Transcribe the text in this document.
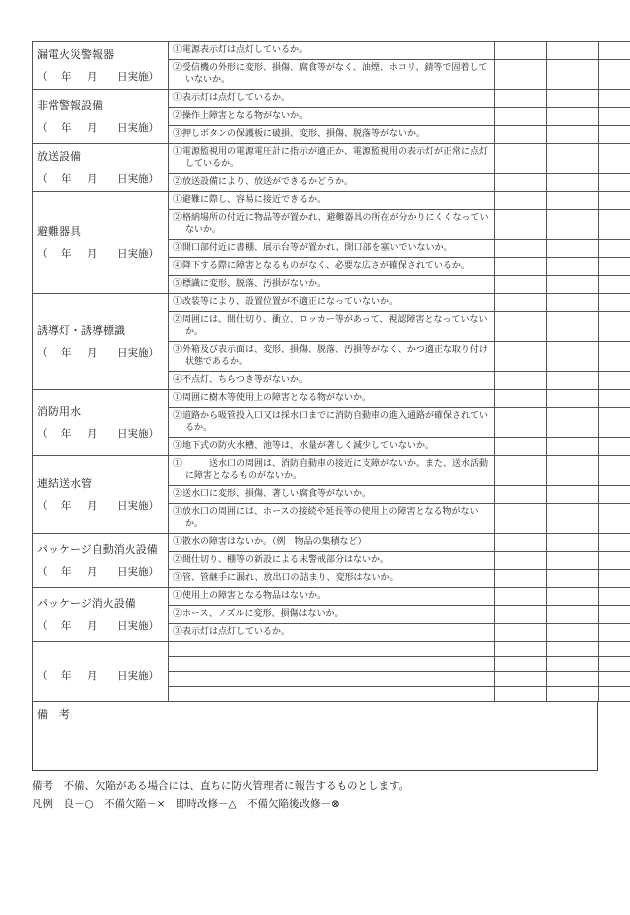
漏電火災警報器
（ 年 月 日実施）	①電源表示灯は点灯しているか。			

	②受信機の外形に変形、損傷、腐食等がなく、油煙、ホコリ、錆等で固着していないか。			

非常警報設備
（ 年 月 日実施）	①表示灯は点灯しているか。			

	②操作上障害となる物がないか。			

	③押しボタンの保護板に破損、変形、損傷、脱落等がないか。			

放送設備
（ 年 月 日実施）	①電源監視用の電源電圧計に指示が適正か、電源監視用の表示灯が正常に点灯しているか。			

	②放送設備により、放送ができるかどうか。			

避難器具
（ 年 月 日実施）	①避難に際し、容易に接近できるか。			

	②格納場所の付近に物品等が置かれ、避難器具の所在が分かりにくくなっていないか。			

	③開口部付近に書棚、展示台等が置かれ、開口部を塞いでいないか。			

	④降下する際に障害となるものがなく、必要な広さが確保されているか。			

	⑤標識に変形、脱落、汚損がないか。			

誘導灯・誘導標識
（ 年 月 日実施）	①改装等により、設置位置が不適正になっていないか。			

	②周囲には、間仕切り、衝立、ロッカー等があって、視認障害となっていないか。			

	③外箱及び表示面は、変形、損傷、脱落、汚損等がなく、かつ適正な取り付け状態であるか。			

	④不点灯、ちらつき等がないか。			

消防用水
（ 年 月 日実施）	①周囲に樹木等使用上の障害となる物がないか。			

	②道路から吸管投入口又は採水口までに消防自動車の進入通路が確保されているか。			

	③地下式の防火水槽、池等は、水量が著しく減少していないか。			

連結送水管
（ 年 月 日実施）	①　　　送水口の周囲は、消防自動車の接近に支障がないか。また、送水活動に障害となるものがないか。			

	②送水口に変形、損傷、著しい腐食等がないか。			

	③放水口の周囲には、ホースの接続や延長等の使用上の障害となる物がないか。			

パッケージ自動消火設備
（ 年 月 日実施）	①散水の障害はないか。（例　物品の集積など）			

	②間仕切り、棚等の新設による未警戒部分はないか。			

	③管、管継手に漏れ、放出口の詰まり、変形はないか。			

パッケージ消火設備
（ 年 月 日実施）	①使用上の障害となる物品はないか。			

	②ホース、ノズルに変形、損傷はないか。			

	③表示灯は点灯しているか。			

（ 年 月 日実施）				

備　考
備考　不備、欠陥がある場合には、直ちに防火管理者に報告するものとします。
凡例　良－○　不備欠陥－×　即時改修－△　不備欠陥後改修－⊗
